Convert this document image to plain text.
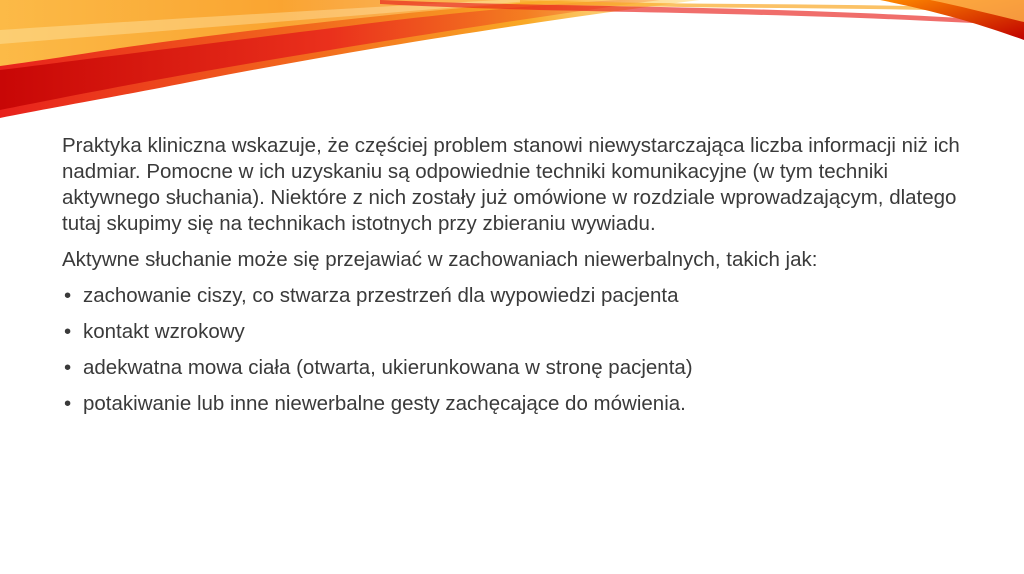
Praktyka kliniczna wskazuje, że częściej problem stanowi niewystarczająca liczba informacji niż ich nadmiar. Pomocne w ich uzyskaniu są odpowiednie techniki komunikacyjne (w tym techniki aktywnego słuchania). Niektóre z nich zostały już omówione w rozdziale wprowadzającym, dlatego tutaj skupimy się na technikach istotnych przy zbieraniu wywiadu.

Aktywne słuchanie może się przejawiać w zachowaniach niewerbalnych, takich jak:

• zachowanie ciszy, co stwarza przestrzeń dla wypowiedzi pacjenta
• kontakt wzrokowy
• adekwatna mowa ciała (otwarta, ukierunkowana w stronę pacjenta)
• potakiwanie lub inne niewerbalne gesty zachęcające do mówienia.
